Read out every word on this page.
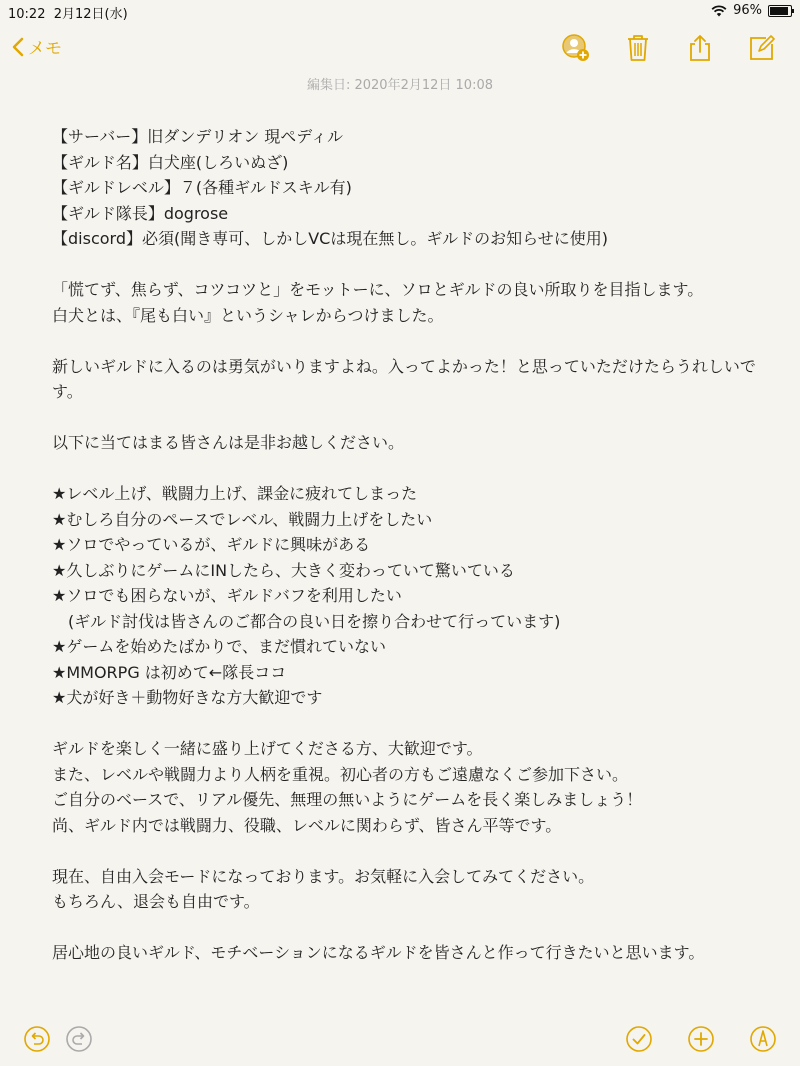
10:22 2月12日(水)	96%
メモ
編集日: 2020年2月12日 10:08
【サーバー】旧ダンデリオン 現ペディル
【ギルド名】白犬座(しろいぬざ)
【ギルドレベル】７(各種ギルドスキル有)
【ギルド隊長】dogrose
【discord】必須(聞き専可、しかしVCは現在無し。ギルドのお知らせに使用)
「慌てず、焦らず、コツコツと」をモットーに、ソロとギルドの良い所取りを目指します。
白犬とは、『尾も白い』というシャレからつけました。
新しいギルドに入るのは勇気がいりますよね。入ってよかった！と思っていただけたらうれしいです。
以下に当てはまる皆さんは是非お越しください。
★レベル上げ、戦闘力上げ、課金に疲れてしまった
★むしろ自分のペースでレベル、戦闘力上げをしたい
★ソロでやっているが、ギルドに興味がある
★久しぶりにゲームにINしたら、大きく変わっていて驚いている
★ソロでも困らないが、ギルドバフを利用したい
　(ギルド討伐は皆さんのご都合の良い日を擦り合わせて行っています)
★ゲームを始めたばかりで、まだ慣れていない
★MMORPG は初めて←隊長ココ
★犬が好き＋動物好きな方大歓迎です
ギルドを楽しく一緒に盛り上げてくださる方、大歓迎です。
また、レベルや戦闘力より人柄を重視。初心者の方もご遠慮なくご参加下さい。
ご自分のベースで、リアル優先、無理の無いようにゲームを長く楽しみましょう！
尚、ギルド内では戦闘力、役職、レベルに関わらず、皆さん平等です。
現在、自由入会モードになっております。お気軽に入会してみてください。
もちろん、退会も自由です。
居心地の良いギルド、モチベーションになるギルドを皆さんと作って行きたいと思います。
